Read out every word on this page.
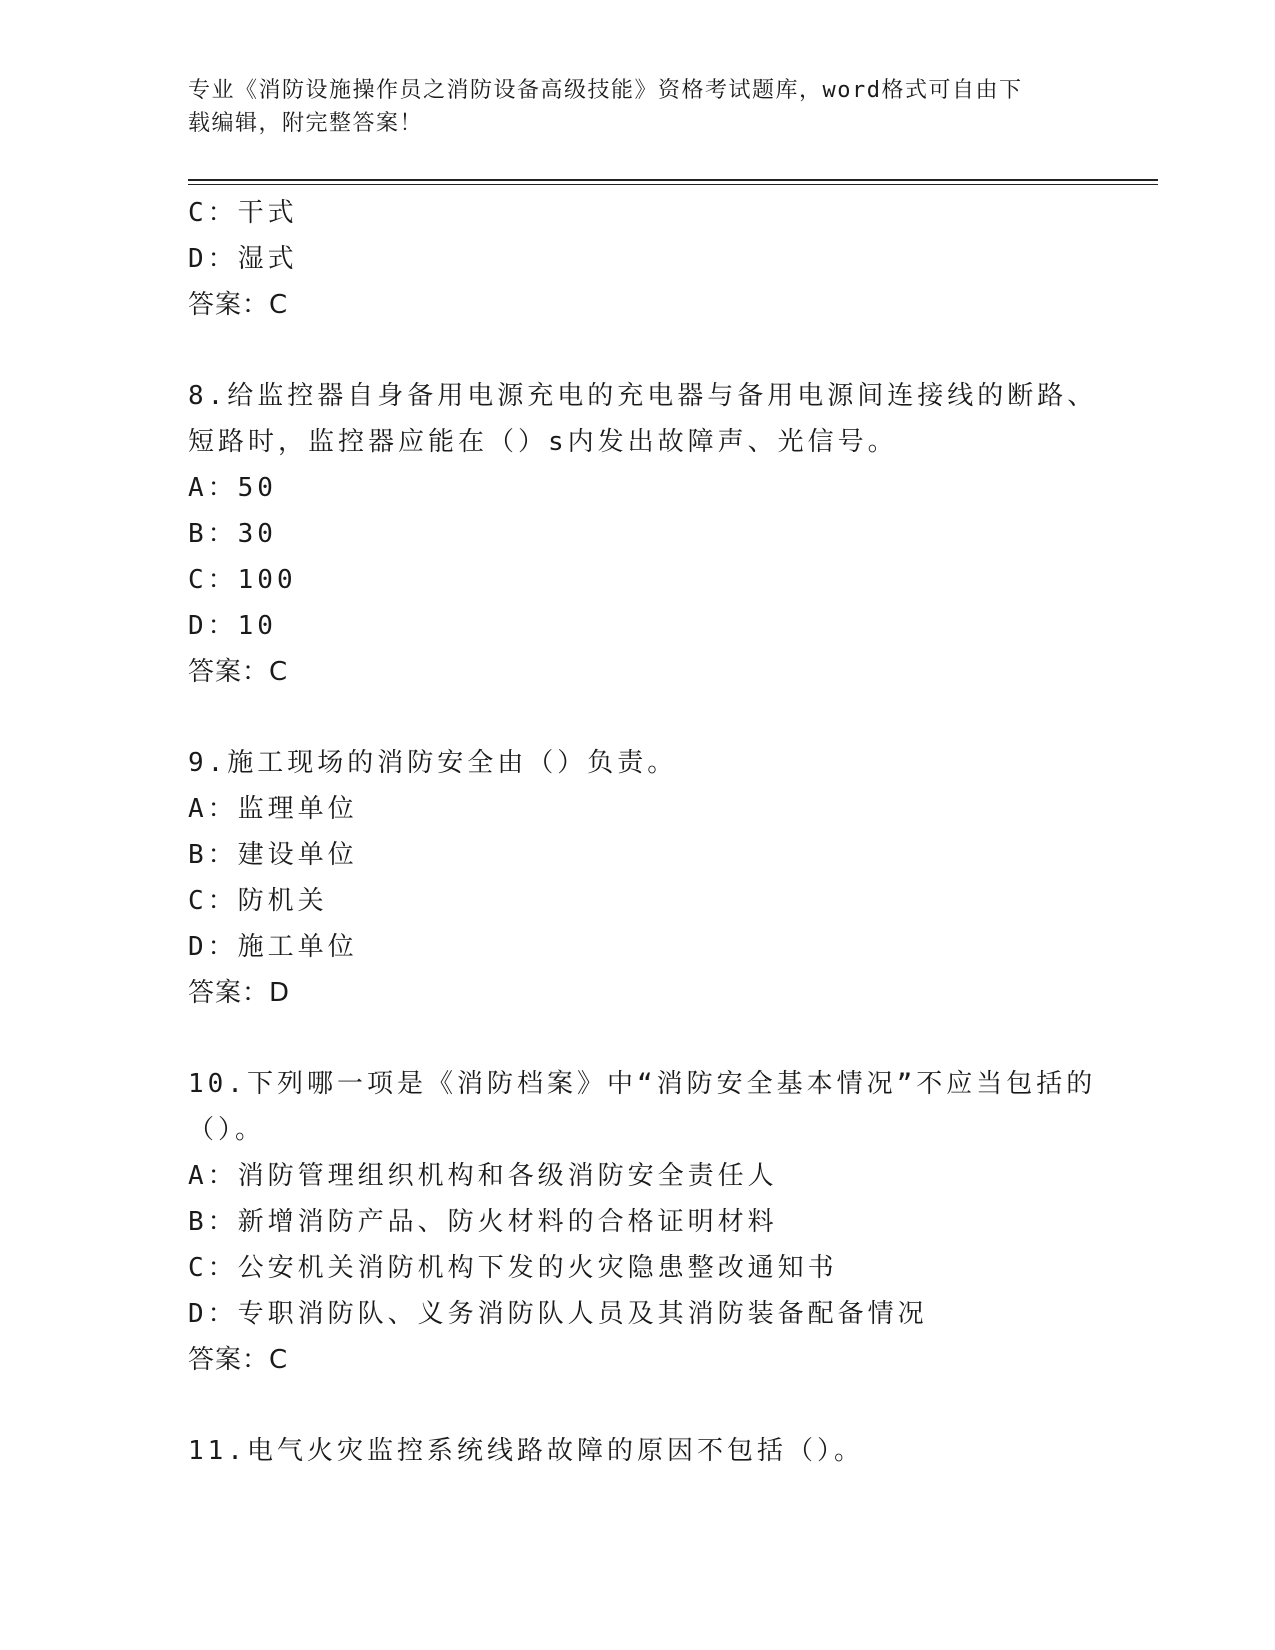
专业《消防设施操作员之消防设备高级技能》资格考试题库，word格式可自由下

载编辑，附完整答案！

C：干式
D：湿式
答案：C
8.给监控器自身备用电源充电的充电器与备用电源间连接线的断路、
短路时，监控器应能在（）s内发出故障声、光信号。
A：50
B：30
C：100
D：10
答案：C
9.施工现场的消防安全由（）负责。
A：监理单位
B：建设单位
C：防机关
D：施工单位
答案：D
10.下列哪一项是《消防档案》中“消防安全基本情况”不应当包括的
（）。
A：消防管理组织机构和各级消防安全责任人
B：新增消防产品、防火材料的合格证明材料
C：公安机关消防机构下发的火灾隐患整改通知书
D：专职消防队、义务消防队人员及其消防装备配备情况
答案：C
11.电气火灾监控系统线路故障的原因不包括（）。
